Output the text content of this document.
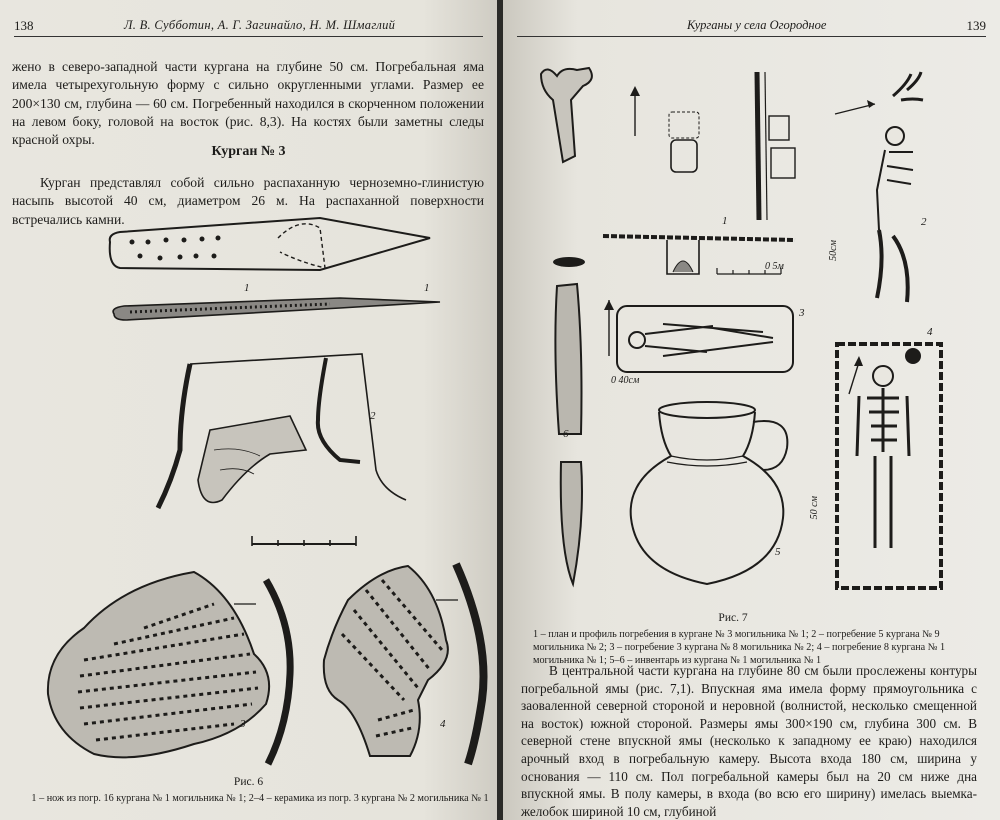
138	Л. В. Субботин, А. Г. Загинайло, Н. М. Шмаглий

жено в северо-западной части кургана на глубине 50 см. Погребальная яма имела четырехугольную форму с сильно округленными углами. Размер ее 200×130 см, глубина — 60 см. Погребенный находился в скорченном положении на левом боку, головой на восток (рис. 8,3). На костях были заметны следы красной охры.

Курган № 3

Курган представлял собой сильно распаханную черноземно-глинистую насыпь высотой 40 см, диаметром 26 м. На распаханной поверхности встречались камни.

1	1
2
3	4
Рис. 6
1 – нож из погр. 16 кургана № 1 могильника № 1; 2–4 – керамика из погр. 3 кургана № 2 могильника № 1
Курганы у села Огородное	139
1
0 5м
2
50см
6
3
0 40см
5
4
50 см
Рис. 7
1 – план и профиль погребения в кургане № 3 могильника № 1; 2 – погребение 5 кургана № 9 могильника № 2; 3 – погребение 3 кургана № 8 могильника № 2; 4 – погребение 8 кургана № 1 могильника № 1; 5–6 – инвентарь из кургана № 1 могильника № 1

В центральной части кургана на глубине 80 см были прослежены контуры погребальной ямы (рис. 7,1). Впускная яма имела форму прямоугольника с заовaленной северной стороной и неровной (волнистой, несколько смещенной на восток) южной стороной. Размеры ямы 300×190 см, глубина 300 см. В северной стене впускной ямы (несколько к западному ее краю) находился арочный вход в погребальную камеру. Высота входа 180 см, ширина у основания — 110 см. Пол погребальной камеры был на 20 см ниже дна впускной ямы. В полу камеры, в входа (во всю его ширину) имелась выемка-желобок шириной 10 см, глубиной
